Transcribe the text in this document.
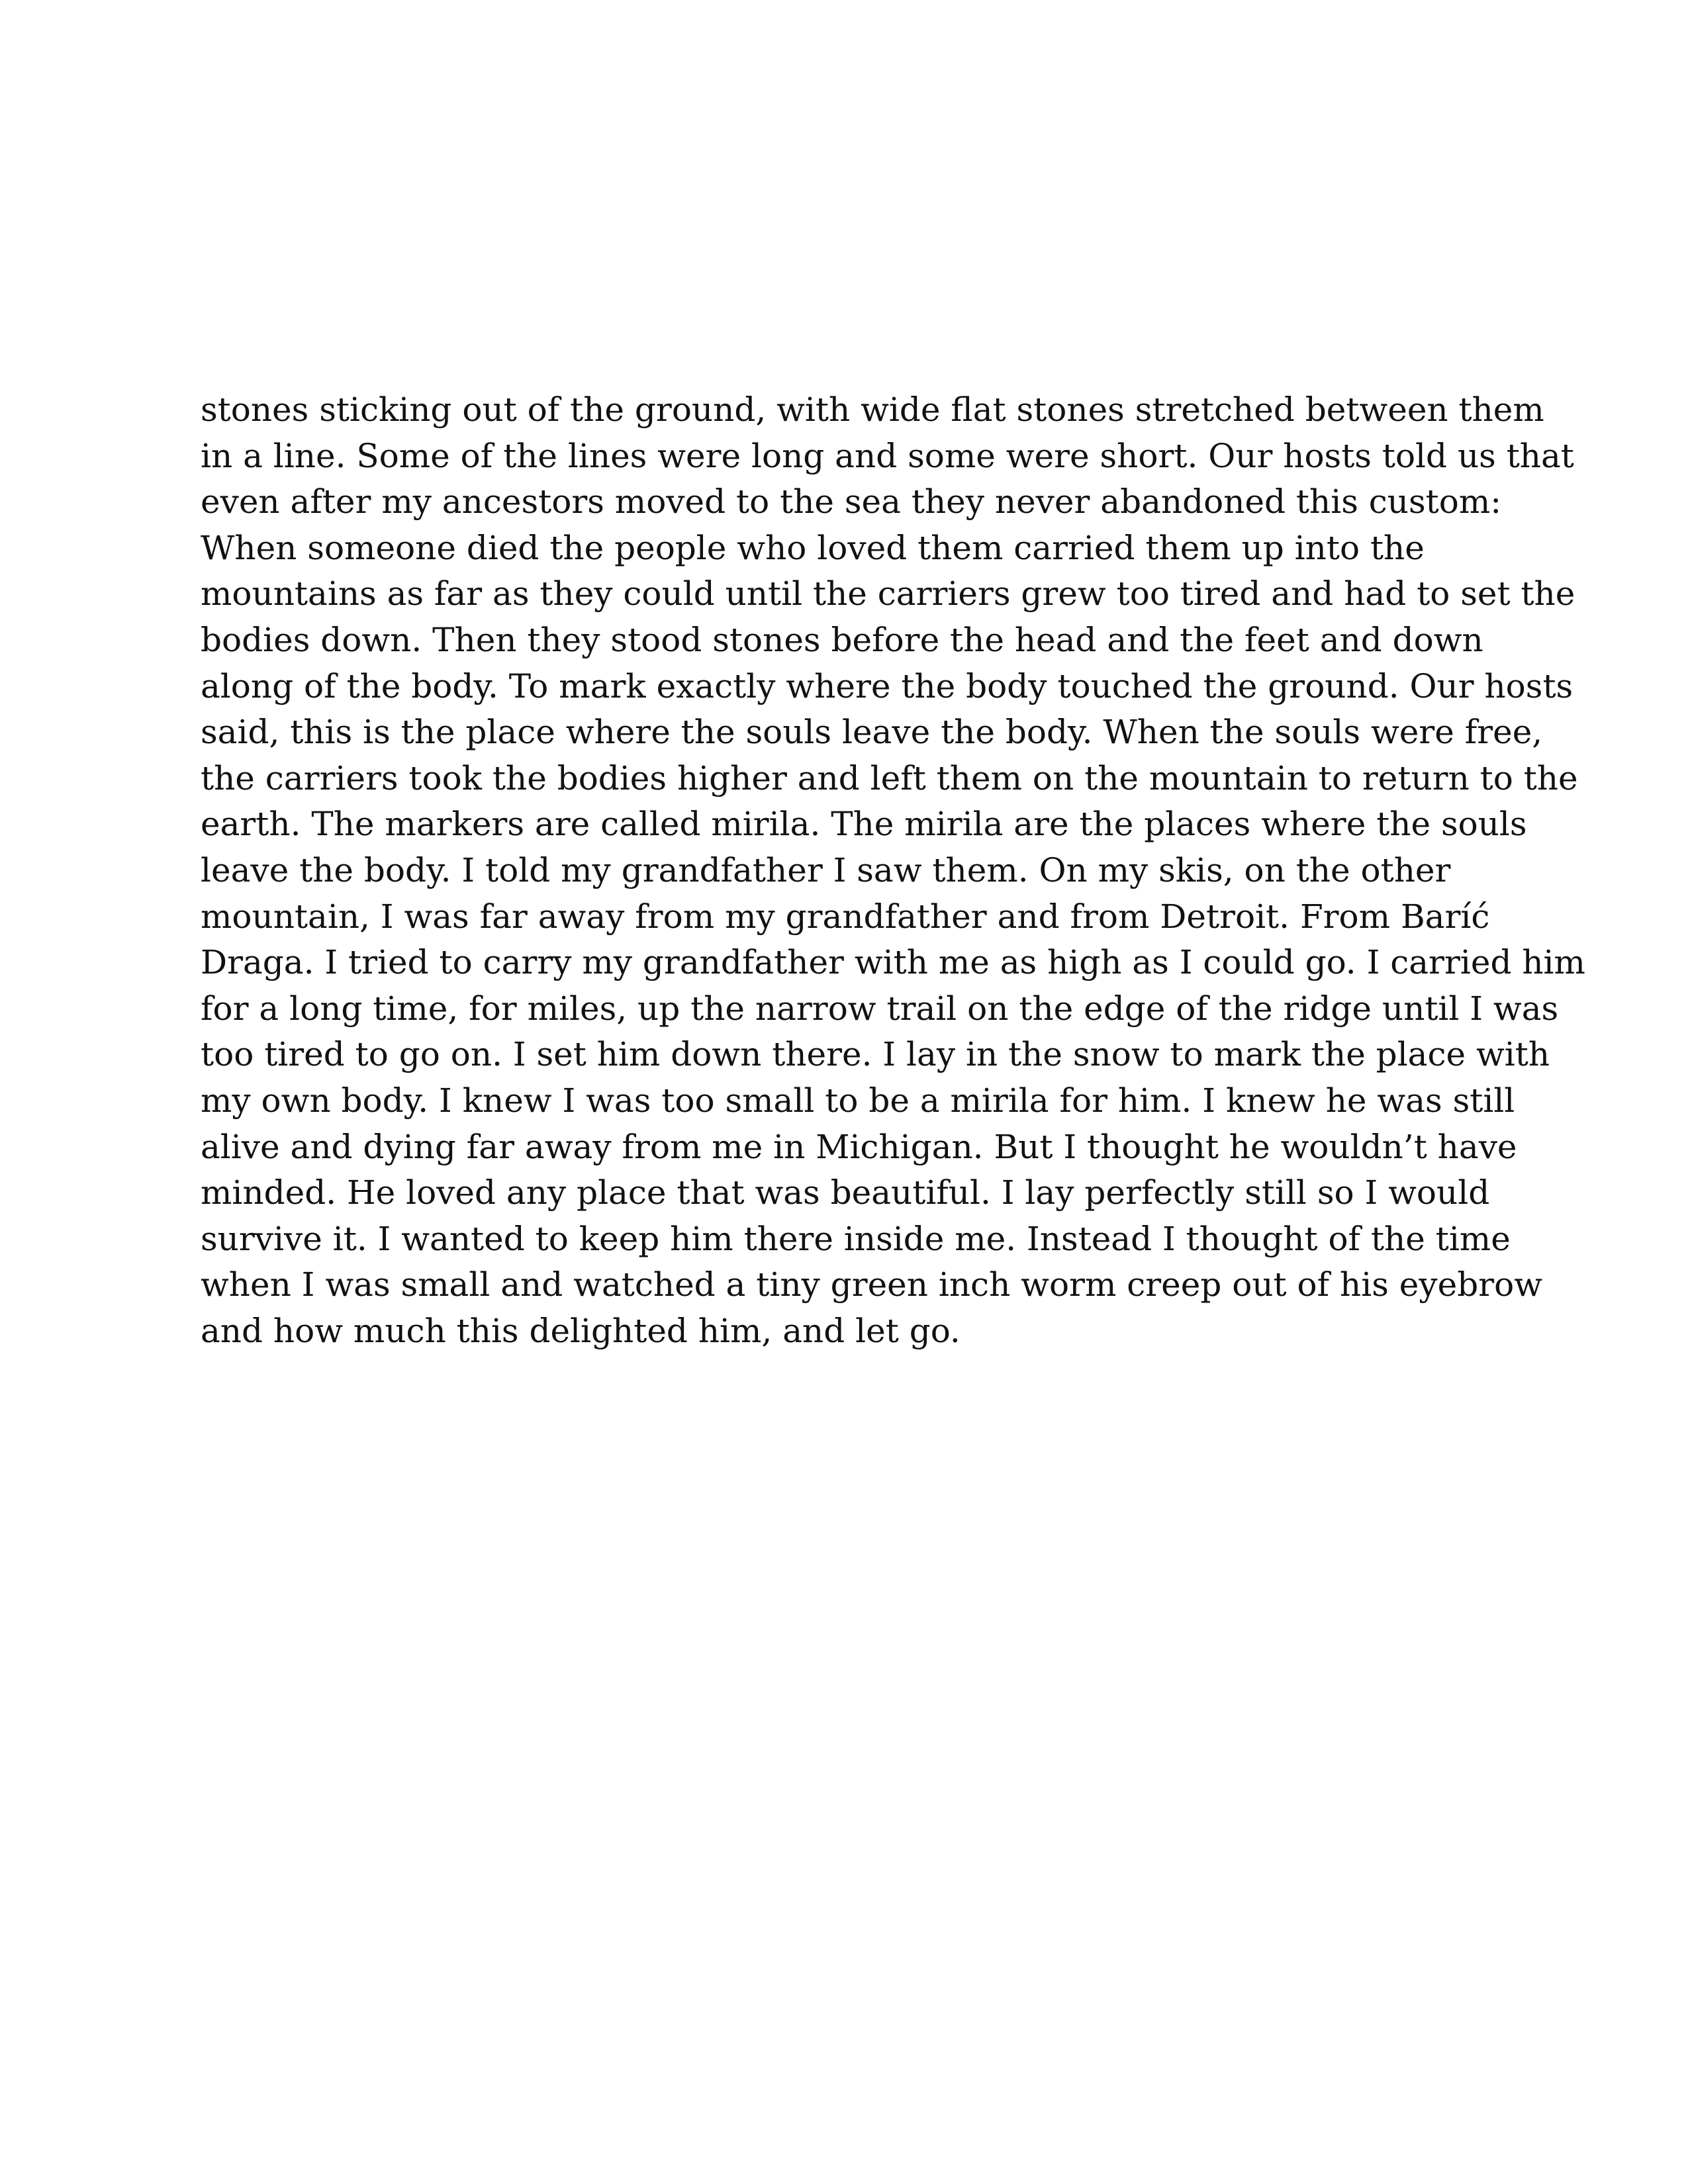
stones sticking out of the ground, with wide flat stones stretched between them
in a line. Some of the lines were long and some were short. Our hosts told us that
even after my ancestors moved to the sea they never abandoned this custom:
When someone died the people who loved them carried them up into the
mountains as far as they could until the carriers grew too tired and had to set the
bodies down. Then they stood stones before the head and the feet and down
along of the body. To mark exactly where the body touched the ground. Our hosts
said, this is the place where the souls leave the body. When the souls were free,
the carriers took the bodies higher and left them on the mountain to return to the
earth. The markers are called mirila. The mirila are the places where the souls
leave the body. I told my grandfather I saw them. On my skis, on the other
mountain, I was far away from my grandfather and from Detroit. From Baríć
Draga. I tried to carry my grandfather with me as high as I could go. I carried him
for a long time, for miles, up the narrow trail on the edge of the ridge until I was
too tired to go on. I set him down there. I lay in the snow to mark the place with
my own body. I knew I was too small to be a mirila for him. I knew he was still
alive and dying far away from me in Michigan. But I thought he wouldn’t have
minded. He loved any place that was beautiful. I lay perfectly still so I would
survive it. I wanted to keep him there inside me. Instead I thought of the time
when I was small and watched a tiny green inch worm creep out of his eyebrow
and how much this delighted him, and let go.
